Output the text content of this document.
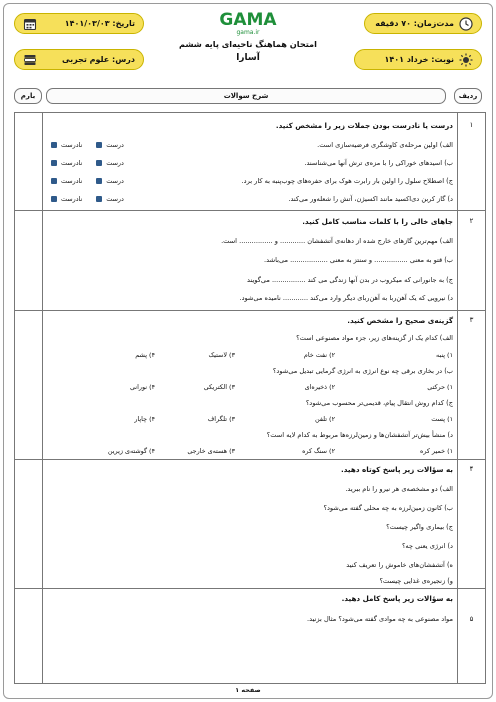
مدت‌زمان: ۷۰ دقیقه
تاریخ: ۱۴۰۱/۰۳/۰۳
نوبت: خرداد ۱۴۰۱
درس: علوم تجربی
GAMA
gama.ir
امتحان هماهنگ ناحیه‌ای پایه ششم
آسارا
ردیف
شرح سوالات
بارم
۱
درست یا نادرست بودن جملات زیر را مشخص کنید.
الف) اولین مرحله‌ی کاوشگری فرضیه‌سازی است.
ب) اسیدهای خوراکی را با مزه‌ی ترش آنها می‌شناسند.
ج) اصطلاح سلول را اولین بار رابرت هوک برای حفره‌های چوب‌پنبه به کار برد.
د) گاز کربن دی‌اکسید مانند اکسیژن، آتش را شعله‌ور می‌کند.
درست
نادرست
درست
نادرست
درست
نادرست
درست
نادرست
۲
جاهای خالی را با کلمات مناسب کامل کنید.
الف) مهم‌ترین گازهای خارج شده از دهانه‌ی آتشفشان ............ و ................ است.
ب) قتو به معنی ................ و سنتز به معنی .................. می‌باشد.
ج) به جانورانی که میکروب در بدن آنها زندگی می کند ................ می‌گویند
د) نیرویی که یک آهن‌ربا به آهن‌ربای دیگر وارد می‌کند ............ نامیده می‌شود.
۳
گزینه‌ی صحیح را مشخص کنید.
الف) کدام یک از گزینه‌های زیر، جزء مواد مصنوعی است؟
۱) پنبه
۲) نفت خام
۳) لاستیک
۴) پشم
ب) در بخاری برقی چه نوع انرژی به انرژی گرمایی تبدیل می‌شود؟
۱) حرکتی
۲) ذخیره‌ای
۳) الکتریکی
۴) نورانی
ج) کدام روش انتقال پیام، قدیمی‌تر محسوب می‌شود؟
۱) پست
۲) تلفن
۳) تلگراف
۴) چاپار
د) منشأ بیش‌تر آتشفشان‌ها و زمین‌لرزه‌ها مربوط به کدام لایه است؟
۱) خمیر کره
۲) سنگ کره
۳) هسته‌ی خارجی
۴) گوشته‌ی زیرین
۴
به سؤالات زیر پاسخ کوتاه دهید.
الف) دو مشخصه‌ی هر نیرو را نام ببرید.
ب) کانون زمین‌لرزه به چه محلی گفته می‌شود؟
ج) بیماری واگیر چیست؟
د) انرژی یعنی چه؟
ه) آتشفشان‌های خاموش را تعریف کنید
و) زنجیره‌ی غذایی چیست؟
۵
به سؤالات زیر پاسخ کامل دهید.
مواد مصنوعی به چه موادی گفته می‌شود؟ مثال بزنید.
صفحه ۱
